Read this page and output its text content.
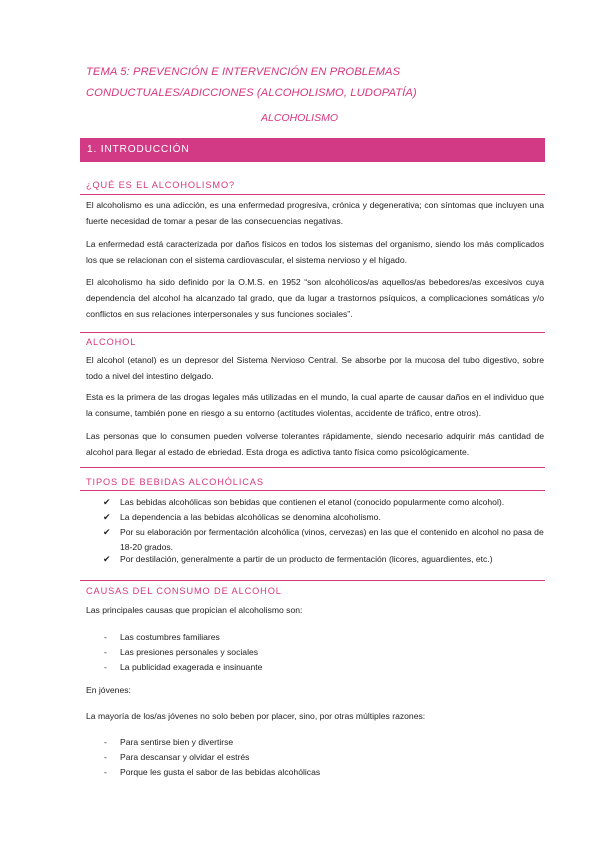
TEMA 5: PREVENCIÓN E INTERVENCIÓN EN PROBLEMAS CONDUCTUALES/ADICCIONES (ALCOHOLISMO, LUDOPATÍA)
ALCOHOLISMO
1. INTRODUCCIÓN
¿QUÉ ES EL ALCOHOLISMO?
El alcoholismo es una adicción, es una enfermedad progresiva, crónica y degenerativa; con síntomas que incluyen una fuerte necesidad de tomar a pesar de las consecuencias negativas.
La enfermedad está caracterizada por daños físicos en todos los sistemas del organismo, siendo los más complicados los que se relacionan con el sistema cardiovascular, el sistema nervioso y el hígado.
El alcoholismo ha sido definido por la O.M.S. en 1952 “son alcohólicos/as aquellos/as bebedores/as excesivos cuya dependencia del alcohol ha alcanzado tal grado, que da lugar a trastornos psíquicos, a complicaciones somáticas y/o conflictos en sus relaciones interpersonales y sus funciones sociales”.
ALCOHOL
El alcohol (etanol) es un depresor del Sistema Nervioso Central. Se absorbe por la mucosa del tubo digestivo, sobre todo a nivel del intestino delgado.
Esta es la primera de las drogas legales más utilizadas en el mundo, la cual aparte de causar daños en el individuo que la consume, también pone en riesgo a su entorno (actitudes violentas, accidente de tráfico, entre otros).
Las personas que lo consumen pueden volverse tolerantes rápidamente, siendo necesario adquirir más cantidad de alcohol para llegar al estado de ebriedad. Esta droga es adictiva tanto física como psicológicamente.
TIPOS DE BEBIDAS ALCOHÓLICAS
✔	Las bebidas alcohólicas son bebidas que contienen el etanol (conocido popularmente como alcohol).
✔	La dependencia a las bebidas alcohólicas se denomina alcoholismo.
✔	Por su elaboración por fermentación alcohólica (vinos, cervezas) en las que el contenido en alcohol no pasa de 18-20 grados.
✔	Por destilación, generalmente a partir de un producto de fermentación (licores, aguardientes, etc.)
CAUSAS DEL CONSUMO DE ALCOHOL
Las principales causas que propician el alcoholismo son:
- Las costumbres familiares
- Las presiones personales y sociales
- La publicidad exagerada e insinuante
En jóvenes:
La mayoría de los/as jóvenes no solo beben por placer, sino, por otras múltiples razones:
- Para sentirse bien y divertirse
- Para descansar y olvidar el estrés
- Porque les gusta el sabor de las bebidas alcohólicas
